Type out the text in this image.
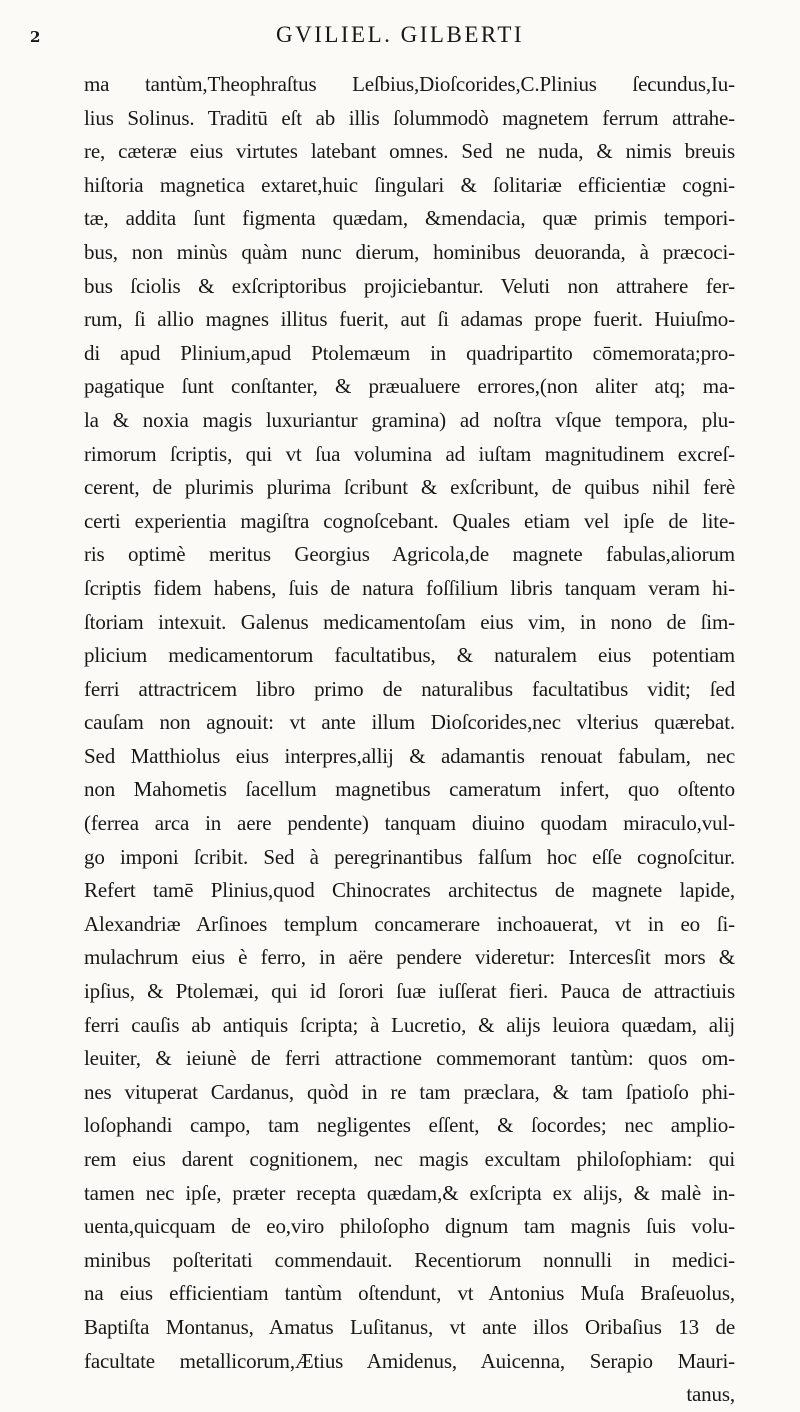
2	GVILIEL. GILBERTI
ma tantùm,Theophraſtus Leſbius,Dioſcorides,C.Plinius ſecundus,Iu-
lius Solinus. Traditū eſt ab illis ſolummodò magnetem ferrum attrahe-
re, cæteræ eius virtutes latebant omnes. Sed ne nuda, & nimis breuis
hiſtoria magnetica extaret,huic ſingulari & ſolitariæ efficientiæ cogni-
tæ, addita ſunt figmenta quædam, &mendacia, quæ primis tempori-
bus, non minùs quàm nunc dierum, hominibus deuoranda, à præcoci-
bus ſciolis & exſcriptoribus projiciebantur. Veluti non attrahere fer-
rum, ſi allio magnes illitus fuerit, aut ſi adamas prope fuerit. Huiuſmo-
di apud Plinium,apud Ptolemæum in quadripartito cōmemorata;pro-
pagatique ſunt conſtanter, & præualuere errores,(non aliter atq; ma-
la & noxia magis luxuriantur gramina) ad noſtra vſque tempora, plu-
rimorum ſcriptis, qui vt ſua volumina ad iuſtam magnitudinem excreſ-
cerent, de plurimis plurima ſcribunt & exſcribunt, de quibus nihil ferè
certi experientia magiſtra cognoſcebant. Quales etiam vel ipſe de lite-
ris optimè meritus Georgius Agricola,de magnete fabulas,aliorum
ſcriptis fidem habens, ſuis de natura foſſilium libris tanquam veram hi-
ſtoriam intexuit. Galenus medicamentoſam eius vim, in nono de ſim-
plicium medicamentorum facultatibus, & naturalem eius potentiam
ferri attractricem libro primo de naturalibus facultatibus vidit; ſed
cauſam non agnouit: vt ante illum Dioſcorides,nec vlterius quærebat.
Sed Matthiolus eius interpres,allij & adamantis renouat fabulam, nec
non Mahometis ſacellum magnetibus cameratum infert, quo oſtento
(ferrea arca in aere pendente) tanquam diuino quodam miraculo,vul-
go imponi ſcribit. Sed à peregrinantibus falſum hoc eſſe cognoſcitur.
Refert tamē Plinius,quod Chinocrates architectus de magnete lapide,
Alexandriæ Arſinoes templum concamerare inchoauerat, vt in eo ſi-
mulachrum eius è ferro, in aëre pendere videretur: Intercesſit mors &
ipſius, & Ptolemæi, qui id ſorori ſuæ iuſſerat fieri. Pauca de attractiuis
ferri cauſis ab antiquis ſcripta; à Lucretio, & alijs leuiora quædam, alij
leuiter, & ieiunè de ferri attractione commemorant tantùm: quos om-
nes vituperat Cardanus, quòd in re tam præclara, & tam ſpatioſo phi-
loſophandi campo, tam negligentes eſſent, & ſocordes; nec amplio-
rem eius darent cognitionem, nec magis excultam philoſophiam: qui
tamen nec ipſe, præter recepta quædam,& exſcripta ex alijs, & malè in-
uenta,quicquam de eo,viro philoſopho dignum tam magnis ſuis volu-
minibus poſteritati commendauit. Recentiorum nonnulli in medici-
na eius efficientiam tantùm oſtendunt, vt Antonius Muſa Braſeuolus,
Baptiſta Montanus, Amatus Luſitanus, vt ante illos Oribaſius 13 de
facultate metallicorum,Ætius Amidenus, Auicenna, Serapio Mauri-
tanus,
